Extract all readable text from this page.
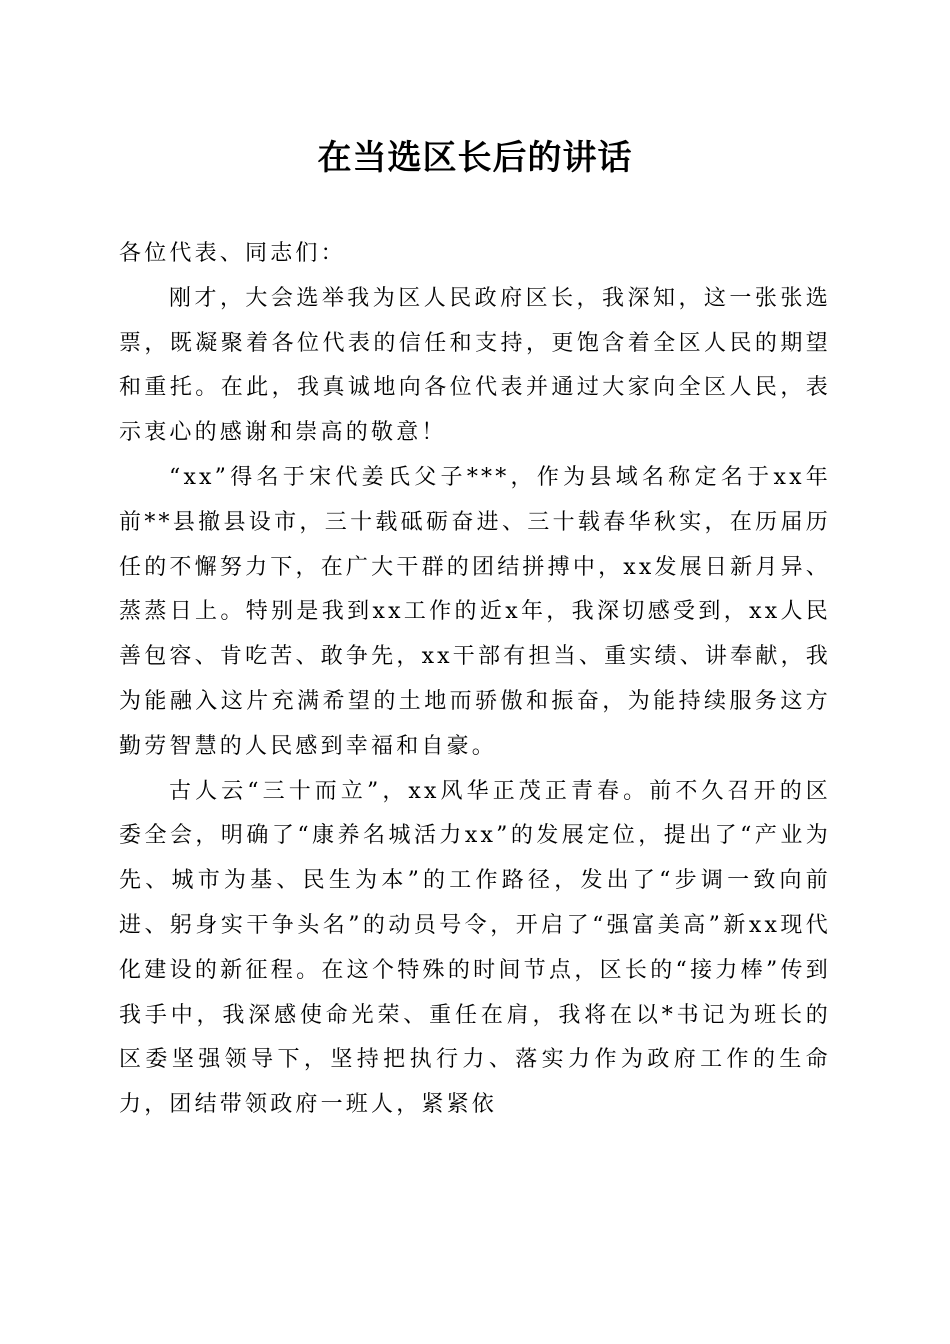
在当选区长后的讲话

各位代表、同志们：

刚才，大会选举我为区人民政府区长，我深知，这一张张选票，既凝聚着各位代表的信任和支持，更饱含着全区人民的期望和重托。在此，我真诚地向各位代表并通过大家向全区人民，表示衷心的感谢和崇高的敬意！

“xx”得名于宋代姜氏父子***，作为县域名称定名于xx年前**县撤县设市，三十载砥砺奋进、三十载春华秋实，在历届历任的不懈努力下，在广大干群的团结拼搏中，xx发展日新月异、蒸蒸日上。特别是我到xx工作的近x年，我深切感受到，xx人民善包容、肯吃苦、敢争先，xx干部有担当、重实绩、讲奉献，我为能融入这片充满希望的土地而骄傲和振奋，为能持续服务这方勤劳智慧的人民感到幸福和自豪。

古人云“三十而立”，xx风华正茂正青春。前不久召开的区委全会，明确了“康养名城活力xx”的发展定位，提出了“产业为先、城市为基、民生为本”的工作路径，发出了“步调一致向前进、躬身实干争头名”的动员号令，开启了“强富美高”新xx现代化建设的新征程。在这个特殊的时间节点，区长的“接力棒”传到我手中，我深感使命光荣、重任在肩，我将在以*书记为班长的区委坚强领导下，坚持把执行力、落实力作为政府工作的生命力，团结带领政府一班人，紧紧依
